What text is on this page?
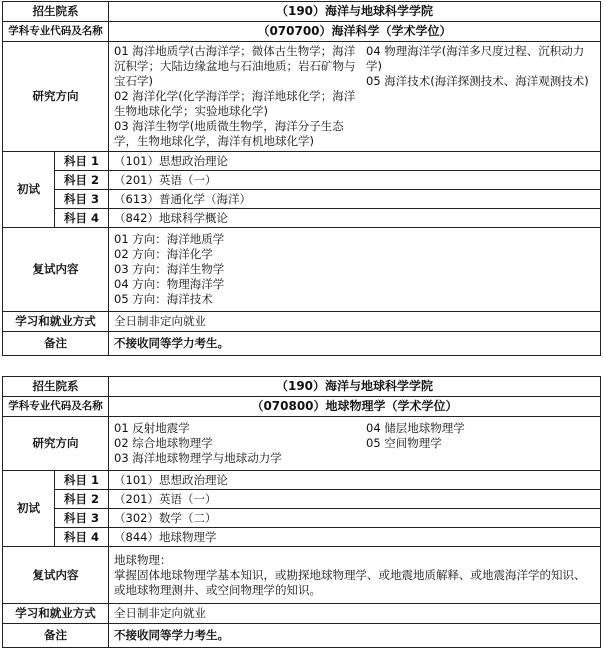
招生院系		（190）海洋与地球科学学院
学科专业代码及名称		（070700）海洋科学（学术学位）
研究方向		01 海洋地质学(古海洋学；微体古生物学；海洋沉积学；大陆边缘盆地与石油地质；岩石矿物与宝石学)
02 海洋化学(化学海洋学；海洋地球化学；海洋生物地球化学；实验地球化学)
03 海洋生物学(地质微生物学，海洋分子生态学，生物地球化学，海洋有机地球化学)
04 物理海洋学(海洋多尺度过程、沉积动力学)
05 海洋技术(海洋探测技术、海洋观测技术)

初试	科目 1	（101）思想政治理论
	科目 2	（201）英语（一）
	科目 3	（613）普通化学（海洋）
	科目 4	（842）地球科学概论
复试内容		01 方向：海洋地质学
02 方向：海洋化学
03 方向：海洋生物学
04 方向：物理海洋学
05 方向：海洋技术

学习和就业方式		全日制非定向就业
备注		不接收同等学力考生。
招生院系		（190）海洋与地球科学学院
学科专业代码及名称		（070800）地球物理学（学术学位）
研究方向		01 反射地震学
02 综合地球物理学
03 海洋地球物理学与地球动力学
04 储层地球物理学
05 空间物理学

初试	科目 1	（101）思想政治理论
	科目 2	（201）英语（一）
	科目 3	（302）数学（二）
	科目 4	（844）地球物理学
复试内容		地球物理：
掌握固体地球物理学基本知识，或勘探地球物理学、或地震地质解释、或地震海洋学的知识、或地球物理测井、或空间物理学的知识。

学习和就业方式		全日制非定向就业
备注		不接收同等学力考生。
